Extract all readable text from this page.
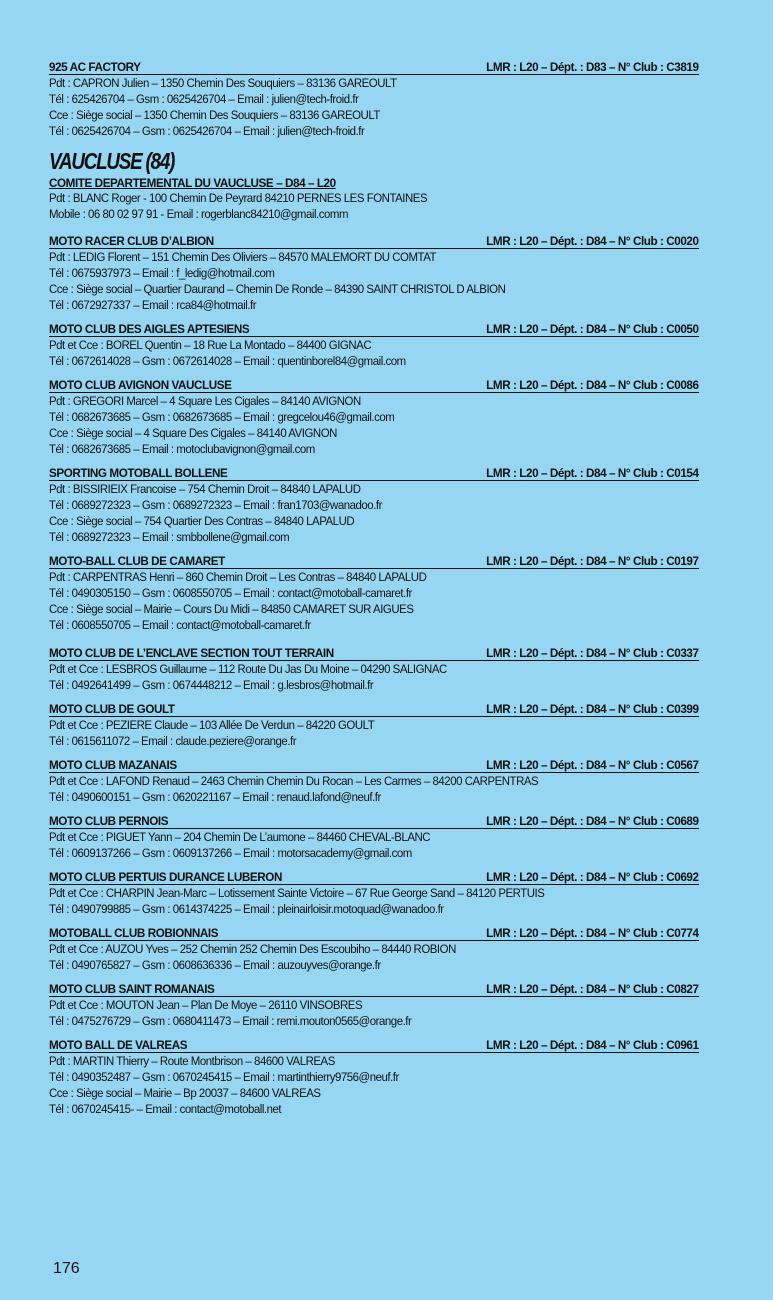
925 AC FACTORY	LMR : L20 – Dépt. : D83 – N° Club : C3819
Pdt : CAPRON Julien – 1350 Chemin Des Souquiers – 83136 GAREOULT
Tél : 625426704 – Gsm : 0625426704 – Email : julien@tech-froid.fr
Cce : Siège social – 1350 Chemin Des Souquiers – 83136 GAREOULT
Tél : 0625426704 – Gsm : 0625426704 – Email : julien@tech-froid.fr
VAUCLUSE (84)
COMITE DEPARTEMENTAL DU VAUCLUSE – D84 – L20
Pdt : BLANC Roger - 100 Chemin De Peyrard 84210 PERNES LES FONTAINES
Mobile : 06 80 02 97 91 - Email : rogerblanc84210@gmail.comm
MOTO RACER CLUB D’ALBION	LMR : L20 – Dépt. : D84 – N° Club : C0020
Pdt : LEDIG Florent – 151 Chemin Des Oliviers – 84570 MALEMORT DU COMTAT
Tél : 0675937973 – Email : f_ledig@hotmail.com
Cce : Siège social – Quartier Daurand – Chemin De Ronde – 84390 SAINT CHRISTOL D ALBION
Tél : 0672927337 – Email : rca84@hotmail.fr
MOTO CLUB DES AIGLES APTESIENS	LMR : L20 – Dépt. : D84 – N° Club : C0050
Pdt et Cce : BOREL Quentin – 18 Rue La Montado – 84400 GIGNAC
Tél : 0672614028 – Gsm : 0672614028 – Email : quentinborel84@gmail.com
MOTO CLUB AVIGNON VAUCLUSE	LMR : L20 – Dépt. : D84 – N° Club : C0086
Pdt : GREGORI Marcel – 4 Square Les Cigales – 84140 AVIGNON
Tél : 0682673685 – Gsm : 0682673685 – Email : gregcelou46@gmail.com
Cce : Siège social – 4 Square Des Cigales – 84140 AVIGNON
Tél : 0682673685 – Email : motoclubavignon@gmail.com
SPORTING MOTOBALL BOLLENE	LMR : L20 – Dépt. : D84 – N° Club : C0154
Pdt : BISSIRIEIX Francoise – 754 Chemin Droit – 84840 LAPALUD
Tél : 0689272323 – Gsm : 0689272323 – Email : fran1703@wanadoo.fr
Cce : Siège social – 754 Quartier Des Contras – 84840 LAPALUD
Tél : 0689272323 – Email : smbbollene@gmail.com
MOTO-BALL CLUB DE CAMARET	LMR : L20 – Dépt. : D84 – N° Club : C0197
Pdt : CARPENTRAS Henri – 860 Chemin Droit – Les Contras – 84840 LAPALUD
Tél : 0490305150 – Gsm : 0608550705 – Email : contact@motoball-camaret.fr
Cce : Siège social – Mairie – Cours Du Midi – 84850 CAMARET SUR AIGUES
Tél : 0608550705 – Email : contact@motoball-camaret.fr
MOTO CLUB DE L’ENCLAVE SECTION TOUT TERRAIN	LMR : L20 – Dépt. : D84 – N° Club : C0337
Pdt et Cce : LESBROS Guillaume – 112 Route Du Jas Du Moine – 04290 SALIGNAC
Tél : 0492641499 – Gsm : 0674448212 – Email : g.lesbros@hotmail.fr
MOTO CLUB DE GOULT	LMR : L20 – Dépt. : D84 – N° Club : C0399
Pdt et Cce : PEZIERE Claude – 103 Allée De Verdun – 84220 GOULT
Tél : 0615611072 – Email : claude.peziere@orange.fr
MOTO CLUB MAZANAIS	LMR : L20 – Dépt. : D84 – N° Club : C0567
Pdt et Cce : LAFOND Renaud – 2463 Chemin Chemin Du Rocan – Les Carmes – 84200 CARPENTRAS
Tél : 0490600151 – Gsm : 0620221167 – Email : renaud.lafond@neuf.fr
MOTO CLUB PERNOIS	LMR : L20 – Dépt. : D84 – N° Club : C0689
Pdt et Cce : PIGUET Yann – 204 Chemin De L’aumone – 84460 CHEVAL-BLANC
Tél : 0609137266 – Gsm : 0609137266 – Email : motorsacademy@gmail.com
MOTO CLUB PERTUIS DURANCE LUBERON	LMR : L20 – Dépt. : D84 – N° Club : C0692
Pdt et Cce : CHARPIN Jean-Marc – Lotissement Sainte Victoire – 67 Rue George Sand – 84120 PERTUIS
Tél : 0490799885 – Gsm : 0614374225 – Email : pleinairloisir.motoquad@wanadoo.fr
MOTOBALL CLUB ROBIONNAIS	LMR : L20 – Dépt. : D84 – N° Club : C0774
Pdt et Cce : AUZOU Yves – 252 Chemin 252 Chemin Des Escoubiho – 84440 ROBION
Tél : 0490765827 – Gsm : 0608636336 – Email : auzouyves@orange.fr
MOTO CLUB SAINT ROMANAIS	LMR : L20 – Dépt. : D84 – N° Club : C0827
Pdt et Cce : MOUTON Jean – Plan De Moye – 26110 VINSOBRES
Tél : 0475276729 – Gsm : 0680411473 – Email : remi.mouton0565@orange.fr
MOTO BALL DE VALREAS	LMR : L20 – Dépt. : D84 – N° Club : C0961
Pdt : MARTIN Thierry – Route Montbrison – 84600 VALREAS
Tél : 0490352487 – Gsm : 0670245415 – Email : martinthierry9756@neuf.fr
Cce : Siège social – Mairie – Bp 20037 – 84600 VALREAS
Tél : 0670245415- – Email : contact@motoball.net
176
